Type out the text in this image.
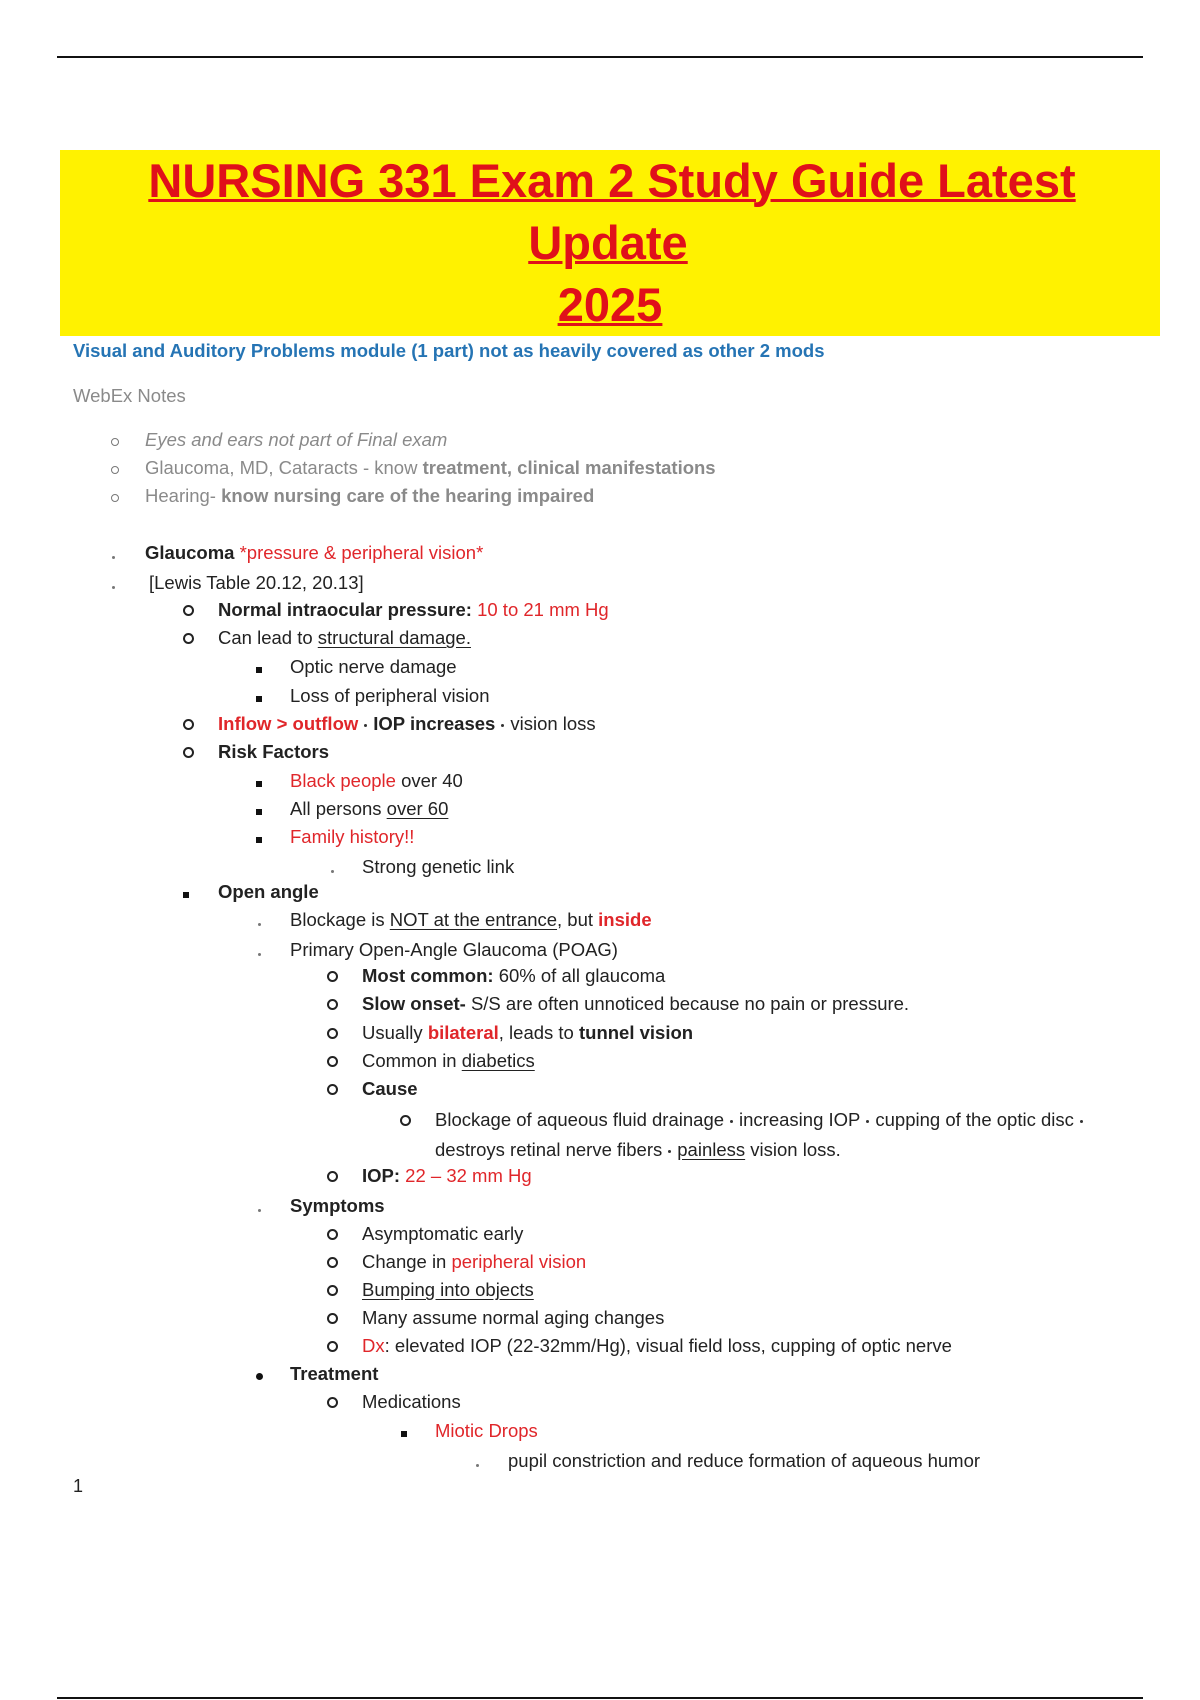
NURSING 331 Exam 2 Study Guide Latest Update
2025
Visual and Auditory Problems module (1 part) not as heavily covered as other 2 mods
WebEx Notes
Eyes and ears not part of Final exam
Glaucoma, MD, Cataracts - know treatment, clinical manifestations
Hearing- know nursing care of the hearing impaired
Glaucoma *pressure & peripheral vision*
[Lewis Table 20.12, 20.13]
Normal intraocular pressure: 10 to 21 mm Hg
Can lead to structural damage.
Optic nerve damage
Loss of peripheral vision
Inflow > outflow IOP increases vision loss
Risk Factors
Black people over 40
All persons over 60
Family history!!
Strong genetic link
Open angle
Blockage is NOT at the entrance, but inside
Primary Open-Angle Glaucoma (POAG)
Most common: 60% of all glaucoma
Slow onset- S/S are often unnoticed because no pain or pressure.
Usually bilateral, leads to tunnel vision
Common in diabetics
Cause
Blockage of aqueous fluid drainage increasing IOP cupping of the optic disc
destroys retinal nerve fibers painless vision loss.
IOP: 22 – 32 mm Hg
Symptoms
Asymptomatic early
Change in peripheral vision
Bumping into objects
Many assume normal aging changes
Dx: elevated IOP (22-32mm/Hg), visual field loss, cupping of optic nerve
Treatment
Medications
Miotic Drops
pupil constriction and reduce formation of aqueous humor
1
